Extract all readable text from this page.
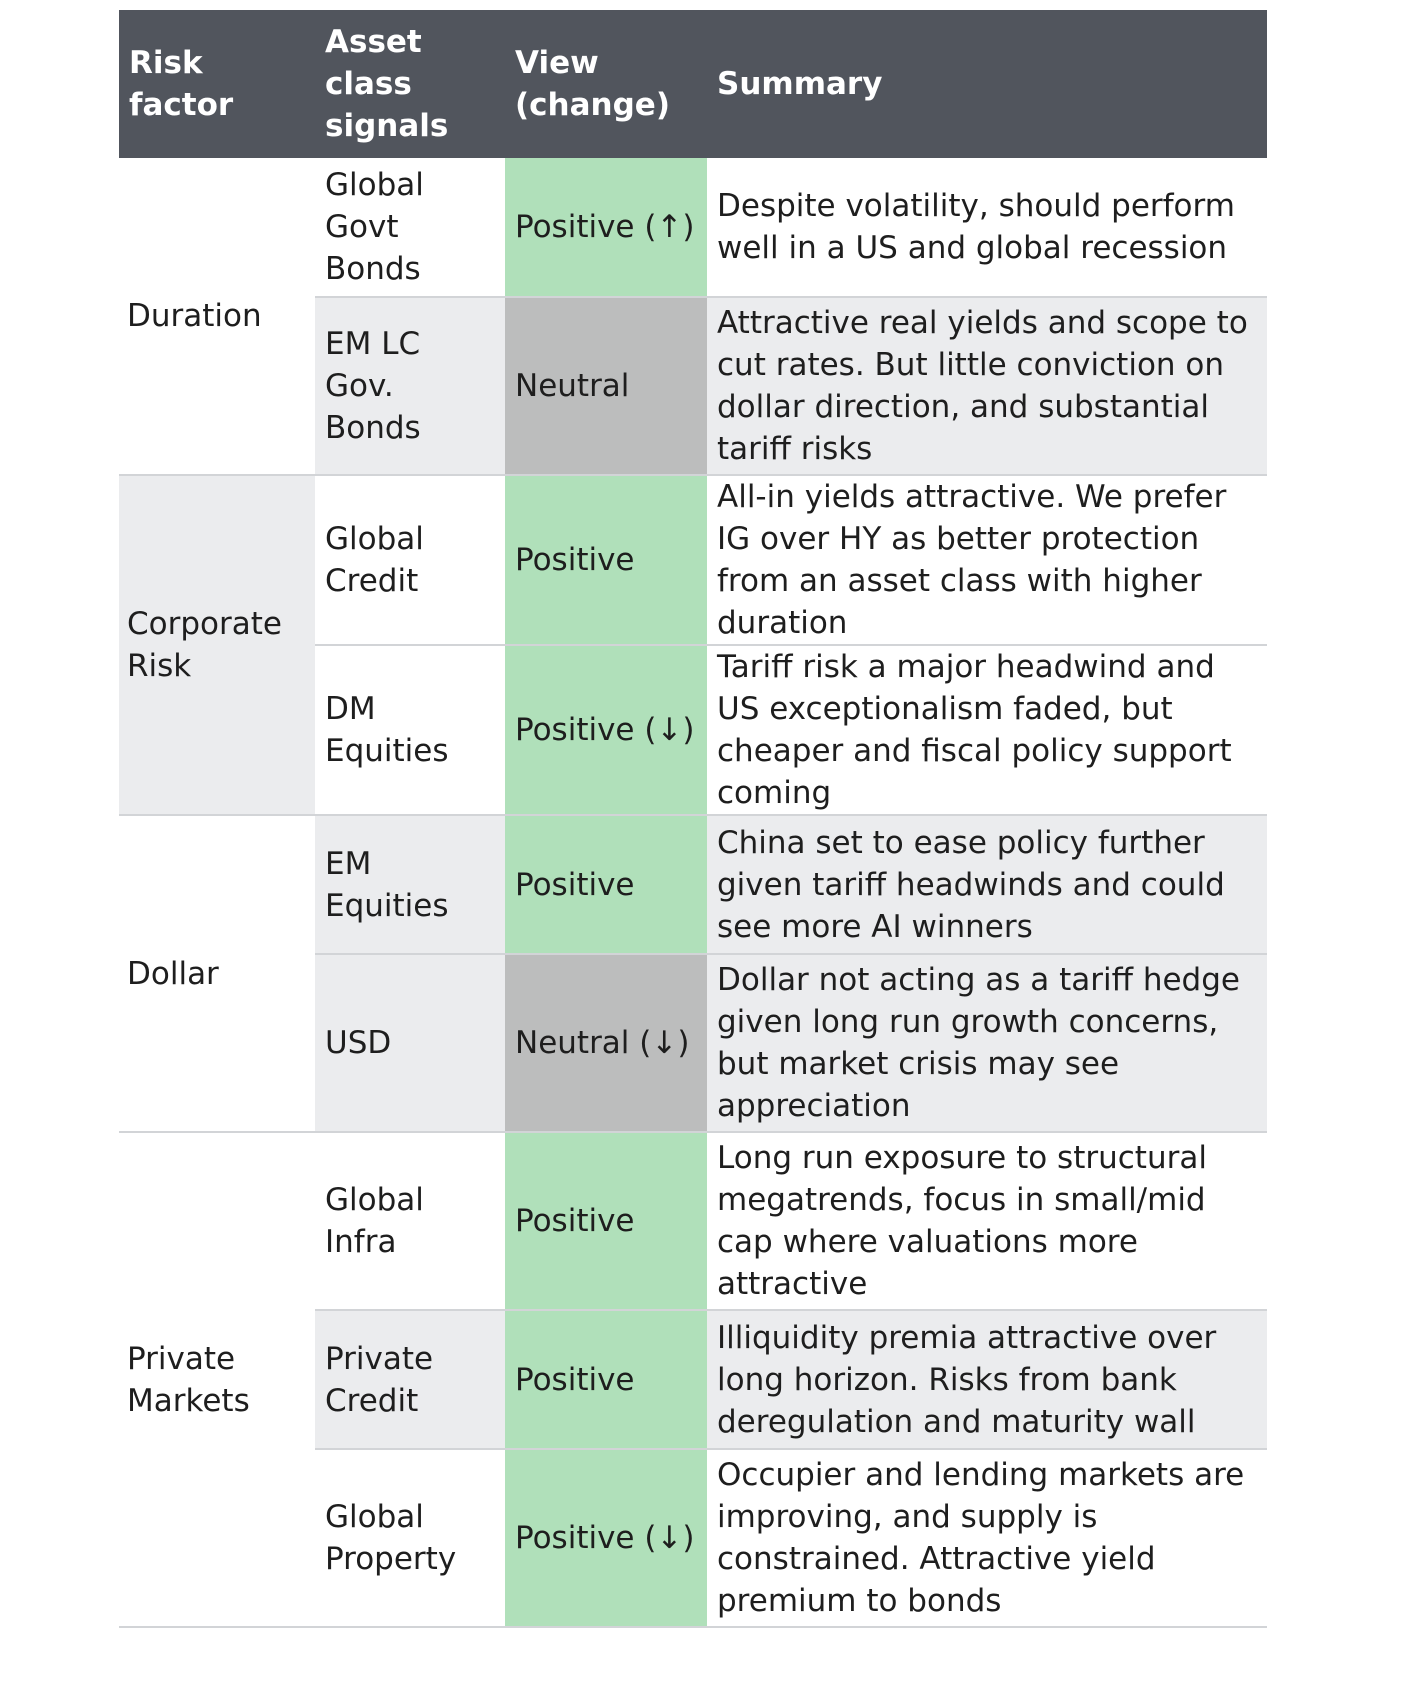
Risk factor	Asset class signals	View (change)	Summary
Duration	Global Govt Bonds	Positive (↑)	Despite volatility, should perform well in a US and global recession
	EM LC Gov. Bonds	Neutral	Attractive real yields and scope to cut rates. But little conviction on dollar direction, and substantial tariff risks
Corporate Risk	Global Credit	Positive	All-in yields attractive. We prefer IG over HY as better protection from an asset class with higher duration
	DM Equities	Positive (↓)	Tariff risk a major headwind and US exceptionalism faded, but cheaper and fiscal policy support coming
Dollar	EM Equities	Positive	China set to ease policy further given tariff headwinds and could see more AI winners
	USD	Neutral (↓)	Dollar not acting as a tariff hedge given long run growth concerns, but market crisis may see appreciation
Private Markets	Global Infra	Positive	Long run exposure to structural megatrends, focus in small/mid cap where valuations more attractive
	Private Credit	Positive	Illiquidity premia attractive over long horizon. Risks from bank deregulation and maturity wall
	Global Property	Positive (↓)	Occupier and lending markets are improving, and supply is constrained. Attractive yield premium to bonds
